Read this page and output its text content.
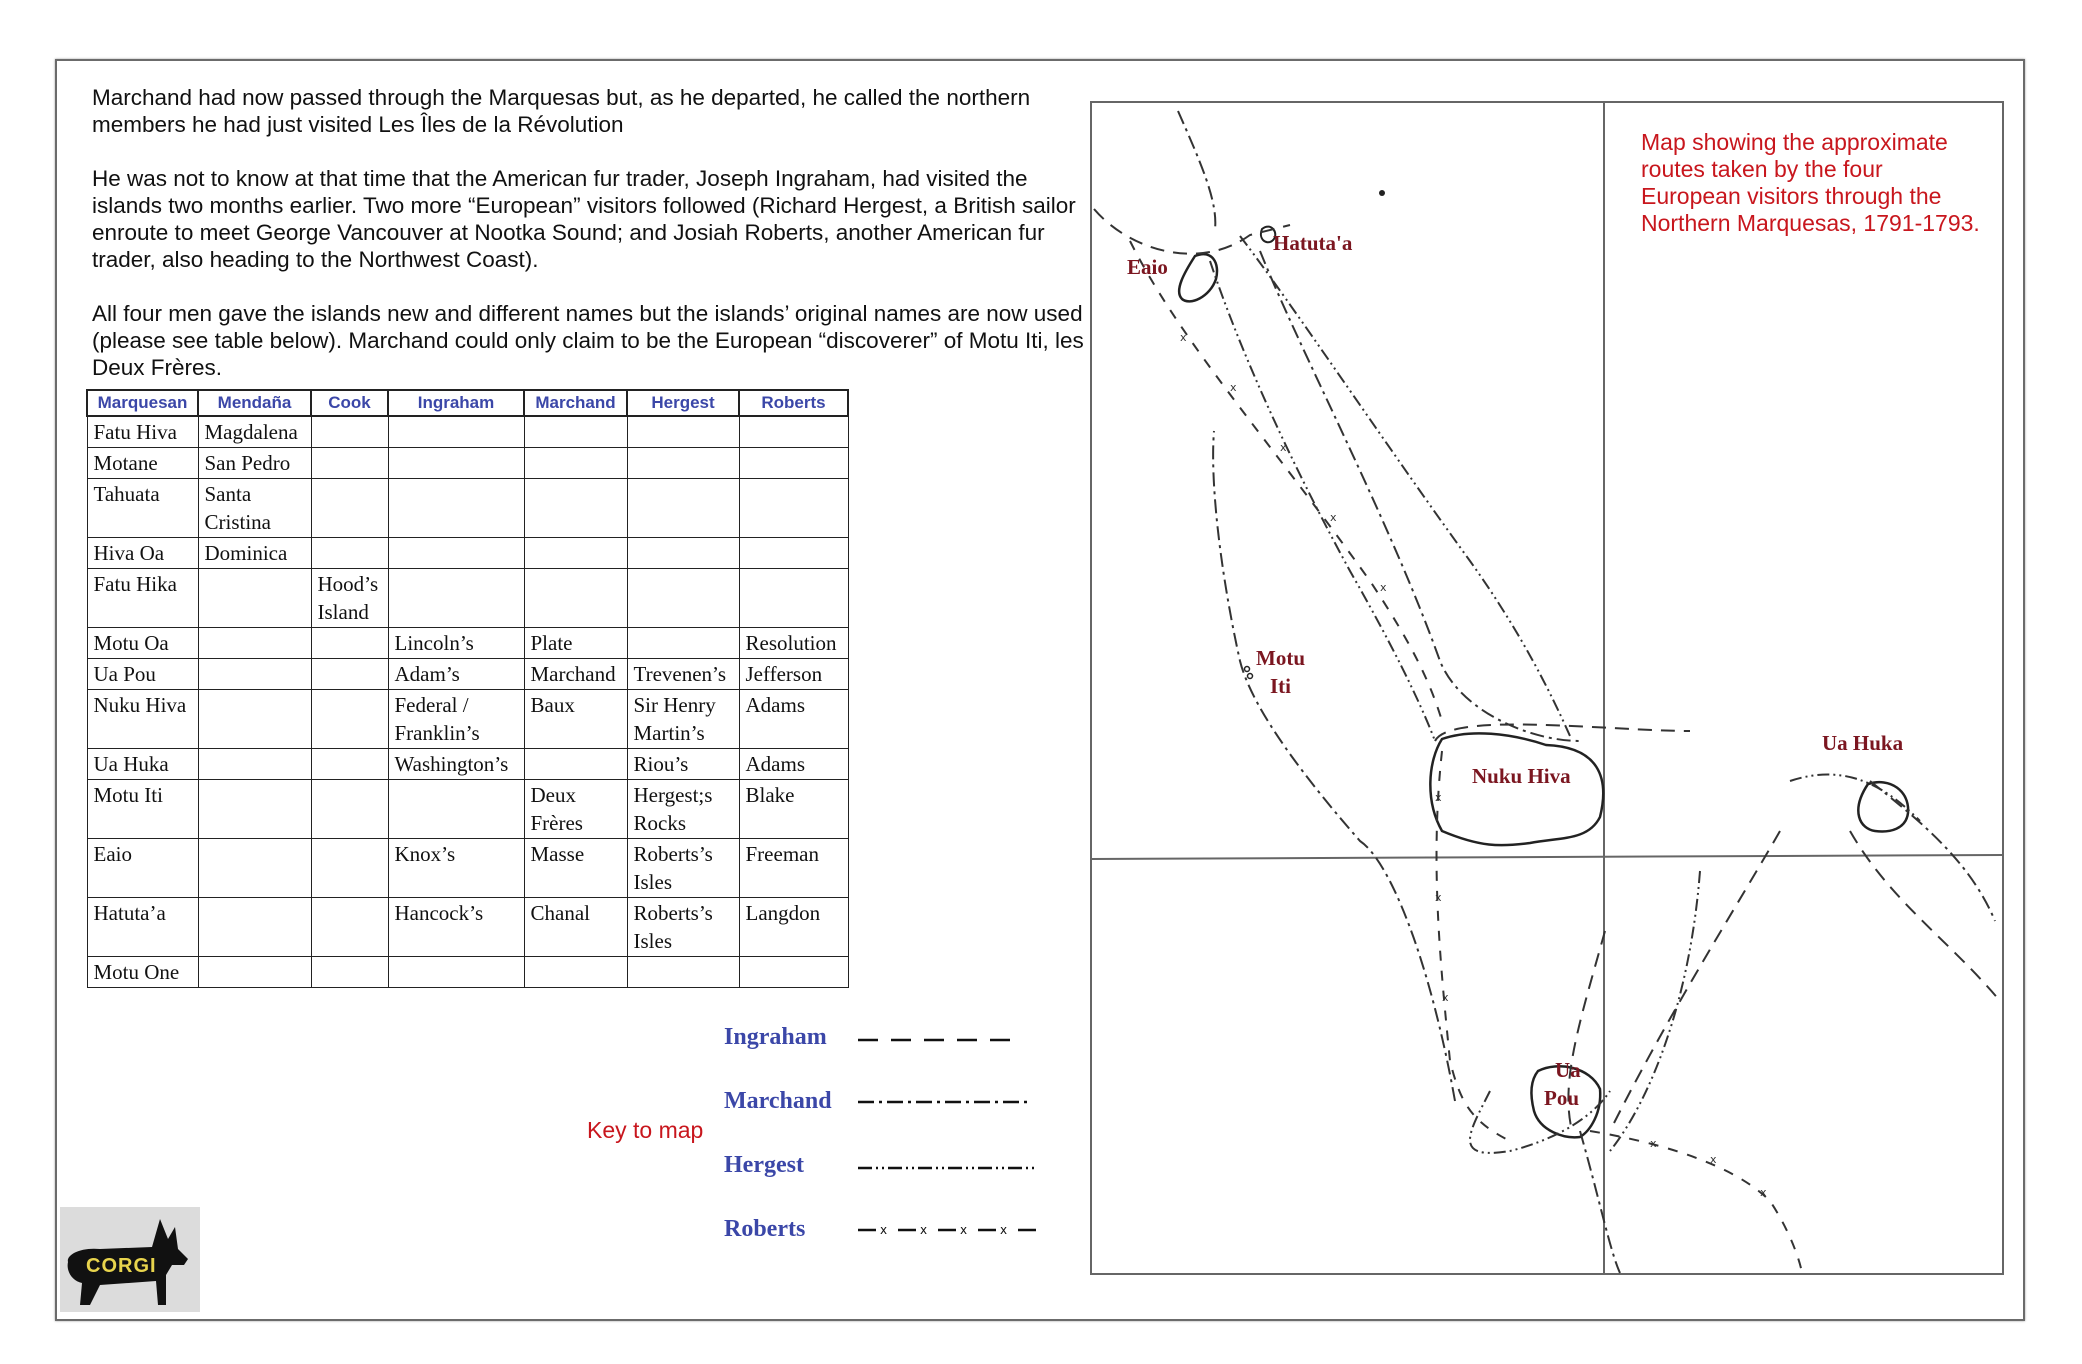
Marchand had now passed through the Marquesas but, as he departed, he called the northern members he had just visited Les Îles de la Révolution

He was not to know at that time that the American fur trader, Joseph Ingraham, had visited the islands two months earlier. Two more “European” visitors followed (Richard Hergest, a British sailor enroute to meet George Vancouver at Nootka Sound; and Josiah Roberts, another American fur trader, also heading to the Northwest Coast).

All four men gave the islands new and different names but the islands’ original names are now used (please see table below). Marchand could only claim to be the European “discoverer” of Motu Iti, les Deux Frères.

Marquesan	Mendaña	Cook	Ingraham	Marchand	Hergest	Roberts
Fatu Hiva	Magdalena					
Motane	San Pedro					
Tahuata	Santa Cristina					
Hiva Oa	Dominica					
Fatu Hika		Hood’s Island				
Motu Oa			Lincoln’s	Plate		Resolution
Ua Pou			Adam’s	Marchand	Trevenen’s	Jefferson
Nuku Hiva			Federal / Franklin’s	Baux	Sir Henry Martin’s	Adams
Ua Huka			Washington’s		Riou’s	Adams
Motu Iti				Deux Frères	Hergest;s Rocks	Blake
Eaio			Knox’s	Masse	Roberts’s Isles	Freeman
Hatuta’a			Hancock’s	Chanal	Roberts’s Isles	Langdon
Motu One						
Key to map
Ingraham
Marchand
Hergest
Roberts	x	x	x	x
x
x
x
x
x
x
x
x
x
x
x
Map showing the approximate routes taken by the four European visitors through the Northern Marquesas, 1791-1793.
Eaio
Hatuta'a
Motu
Iti
Nuku Hiva
Ua Huka
Ua
Pou
CORGI
